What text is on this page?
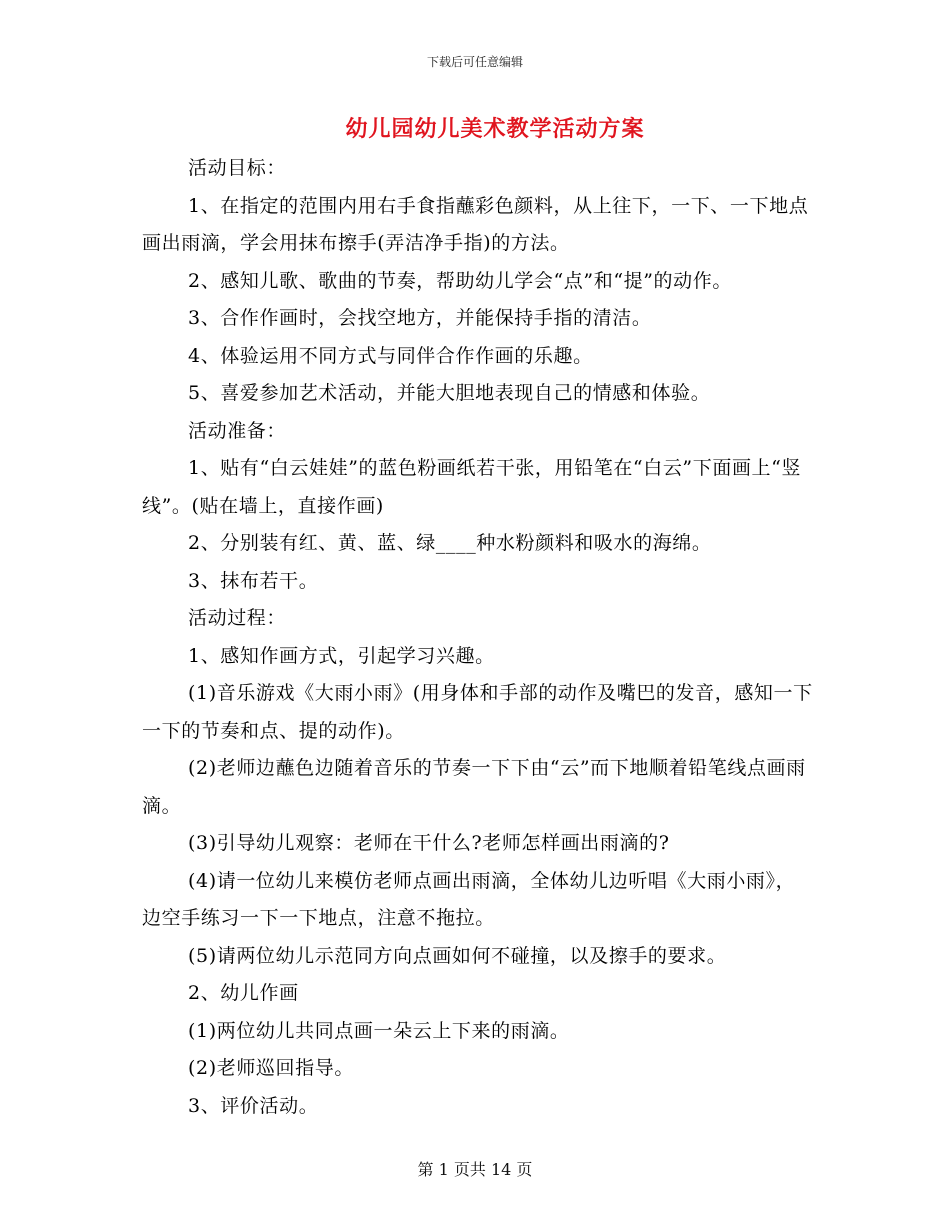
下载后可任意编辑
幼儿园幼儿美术教学活动方案

活动目标：

1、在指定的范围内用右手食指蘸彩色颜料，从上往下，一下、一下地点画出雨滴，学会用抹布擦手(弄洁净手指)的方法。

2、感知儿歌、歌曲的节奏，帮助幼儿学会“点”和“提”的动作。

3、合作作画时，会找空地方，并能保持手指的清洁。

4、体验运用不同方式与同伴合作作画的乐趣。

5、喜爱参加艺术活动，并能大胆地表现自己的情感和体验。

活动准备：

1、贴有“白云娃娃”的蓝色粉画纸若干张，用铅笔在“白云”下面画上“竖线”。(贴在墙上，直接作画)

2、分别装有红、黄、蓝、绿____种水粉颜料和吸水的海绵。

3、抹布若干。

活动过程：

1、感知作画方式，引起学习兴趣。

(1)音乐游戏《大雨小雨》(用身体和手部的动作及嘴巴的发音，感知一下一下的节奏和点、提的动作)。

(2)老师边蘸色边随着音乐的节奏一下下由“云”而下地顺着铅笔线点画雨滴。

(3)引导幼儿观察：老师在干什么?老师怎样画出雨滴的?

(4)请一位幼儿来模仿老师点画出雨滴，全体幼儿边听唱《大雨小雨》，边空手练习一下一下地点，注意不拖拉。

(5)请两位幼儿示范同方向点画如何不碰撞，以及擦手的要求。

2、幼儿作画

(1)两位幼儿共同点画一朵云上下来的雨滴。

(2)老师巡回指导。

3、评价活动。

第 1 页共 14 页
